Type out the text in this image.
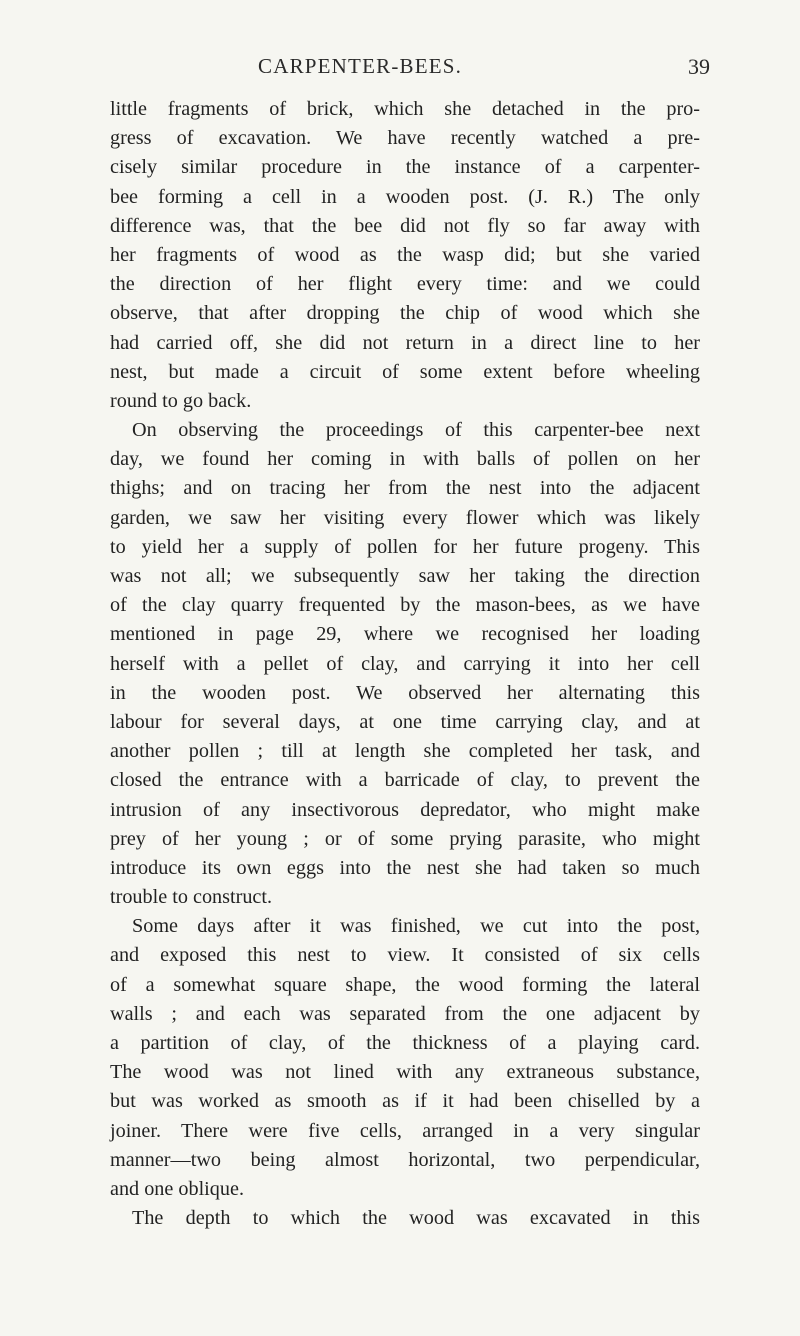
CARPENTER-BEES.	39
little fragments of brick, which she detached in the pro-
gress of excavation. We have recently watched a pre-
cisely similar procedure in the instance of a carpenter-
bee forming a cell in a wooden post. (J. R.) The only
difference was, that the bee did not fly so far away with
her fragments of wood as the wasp did; but she varied
the direction of her flight every time: and we could
observe, that after dropping the chip of wood which she
had carried off, she did not return in a direct line to her
nest, but made a circuit of some extent before wheeling
round to go back.
On observing the proceedings of this carpenter-bee next
day, we found her coming in with balls of pollen on her
thighs; and on tracing her from the nest into the adjacent
garden, we saw her visiting every flower which was likely
to yield her a supply of pollen for her future progeny. This
was not all; we subsequently saw her taking the direction
of the clay quarry frequented by the mason-bees, as we have
mentioned in page 29, where we recognised her loading
herself with a pellet of clay, and carrying it into her cell
in the wooden post. We observed her alternating this
labour for several days, at one time carrying clay, and at
another pollen ; till at length she completed her task, and
closed the entrance with a barricade of clay, to prevent the
intrusion of any insectivorous depredator, who might make
prey of her young ; or of some prying parasite, who might
introduce its own eggs into the nest she had taken so much
trouble to construct.
Some days after it was finished, we cut into the post,
and exposed this nest to view. It consisted of six cells
of a somewhat square shape, the wood forming the lateral
walls ; and each was separated from the one adjacent by
a partition of clay, of the thickness of a playing card.
The wood was not lined with any extraneous substance,
but was worked as smooth as if it had been chiselled by a
joiner. There were five cells, arranged in a very singular
manner—two being almost horizontal, two perpendicular,
and one oblique.
The depth to which the wood was excavated in this
